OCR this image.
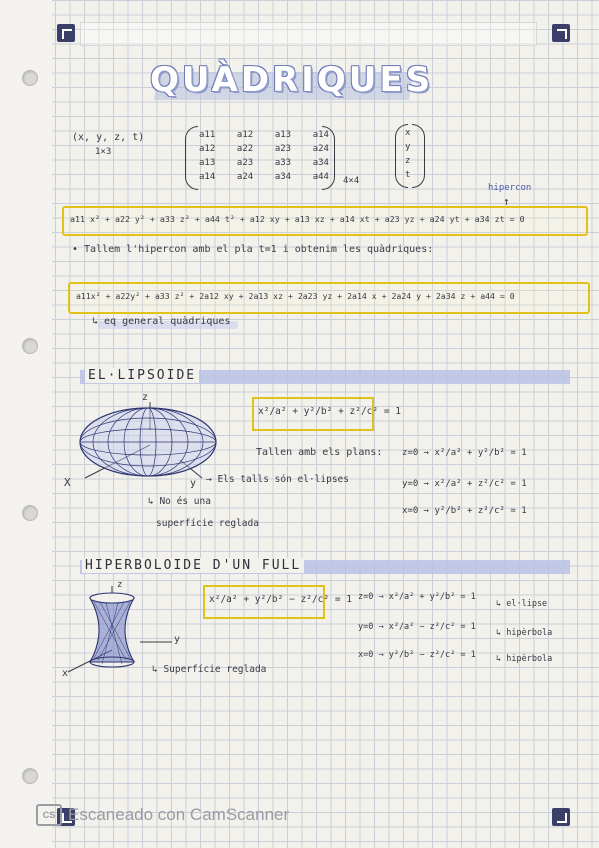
QUÀDRIQUES
(x, y, z, t)
1×3
a11 a12 a13 a14
a12 a22 a23 a24
a13 a23 a33 a34
a14 a24 a34 a44 4×4
x
y
z
t
hipercon
↑
a11 x² + a22 y² + a33 z² + a44 t² + a12 xy + a13 xz + a14 xt + a23 yz + a24 yt + a34 zt = 0
• Tallem l'hipercon amb el pla t=1 i obtenim les quàdriques:
a11x² + a22y² + a33 z² + 2a12 xy + 2a13 xz + 2a23 yz + 2a14 x + 2a24 y + 2a34 z + a44 = 0
↳ eq general quàdriques
EL·LIPSOIDE
z
X	y
x²/a² + y²/b² + z²/c² = 1
Tallen amb els plans: z=0 → x²/a² + y²/b² = 1
y=0 → x²/a² + z²/c² = 1
x=0 → y²/b² + z²/c² = 1
→ Els talls són el·lipses
↳ No és una
superfície reglada
HIPERBOLOIDE D'UN FULL
z
x
y
x²/a² + y²/b² − z²/c² = 1 z=0 → x²/a² + y²/b² = 1
↳ el·lipse
y=0 → x²/a² − z²/c² = 1
↳ hipèrbola
x=0 → y²/b² − z²/c² = 1 ↳ hipèrbola
↳ Superfície reglada
CS Escaneado con CamScanner
